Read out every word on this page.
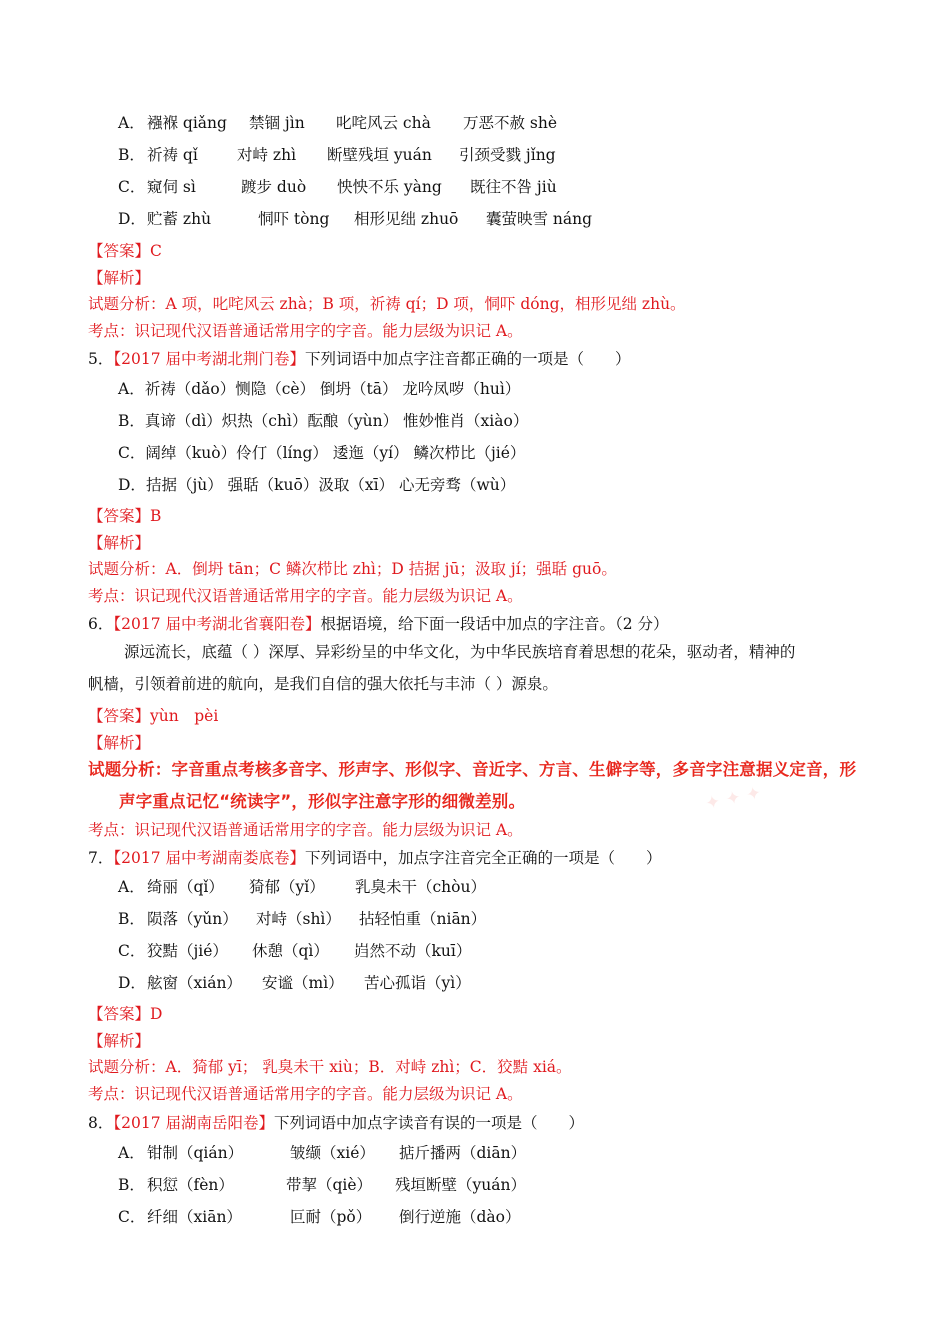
A． 襁褓 qiǎng 禁锢 jìn 叱咤风云 chà 万恶不赦 shè
B． 祈祷 qǐ	对峙 zhì 断壁残垣 yuán 引颈受戮 jǐng
C． 窥伺 sì	踱步 duò 怏怏不乐 yàng 既往不咎 jiù
D． 贮蓄 zhù	恫吓 tòng 相形见绌 zhuō 囊萤映雪 náng
【答案】C
【解析】
试题分析：A 项，叱咤风云 zhà；B 项，祈祷 qí；D 项，恫吓 dóng，相形见绌 zhù。
考点：识记现代汉语普通话常用字的字音。能力层级为识记 A。
5．【2017 届中考湖北荆门卷】下列词语中加点字注音都正确的一项是（　　）
A．祈祷（dǎo）恻隐（cè） 倒坍（tā） 龙吟凤哕（huì）
B．真谛（dì）炽热（chì）酝酿（yùn） 惟妙惟肖（xiào）
C．阔绰（kuò）伶仃（líng） 逶迤（yí） 鳞次栉比（jié）
D．拮据（jù） 强聒（kuō）汲取（xī） 心无旁骛（wù）
【答案】B
【解析】
试题分析：A．倒坍 tān；C 鳞次栉比 zhì；D 拮据 jū；汲取 jí；强聒 guō。
考点：识记现代汉语普通话常用字的字音。能力层级为识记 A。
6．【2017 届中考湖北省襄阳卷】根据语境，给下面一段话中加点的字注音。（2 分）
源远流长，底蕴（ ）深厚、异彩纷呈的中华文化，为中华民族培育着思想的花朵，驱动者，精神的
帆樯，引领着前进的航向，是我们自信的强大依托与丰沛（ ）源泉。
【答案】yùn　pèi
【解析】
试题分析：字音重点考核多音字、形声字、形似字、音近字、方言、生僻字等，多音字注意据义定音，形
声字重点记忆“统读字”，形似字注意字形的细微差别。	✦ ✦ ✦
考点：识记现代汉语普通话常用字的字音。能力层级为识记 A。
7．【2017 届中考湖南娄底卷】下列词语中，加点字注音完全正确的一项是（　　）
A． 绮丽（qǐ） 猗郁（yǐ） 乳臭未干（chòu）
B． 陨落（yǔn） 对峙（shì） 拈轻怕重（niān）
C． 狡黠（jié） 休憩（qì） 岿然不动（kuī）
D． 舷窗（xián） 安谧（mì） 苦心孤诣（yì）
【答案】D
【解析】
试题分析：A．猗郁 yī； 乳臭未干 xiù；B．对峙 zhì；C．狡黠 xiá。
考点：识记现代汉语普通话常用字的字音。能力层级为识记 A。
8．【2017 届湖南岳阳卷】下列词语中加点字读音有误的一项是（　　）
A． 钳制（qián）	皱缬（xié） 掂斤播两（diān）
B． 积愆（fèn）	带挈（qiè） 残垣断壁（yuán）
C． 纤细（xiān）	叵耐（pǒ） 倒行逆施（dào）
